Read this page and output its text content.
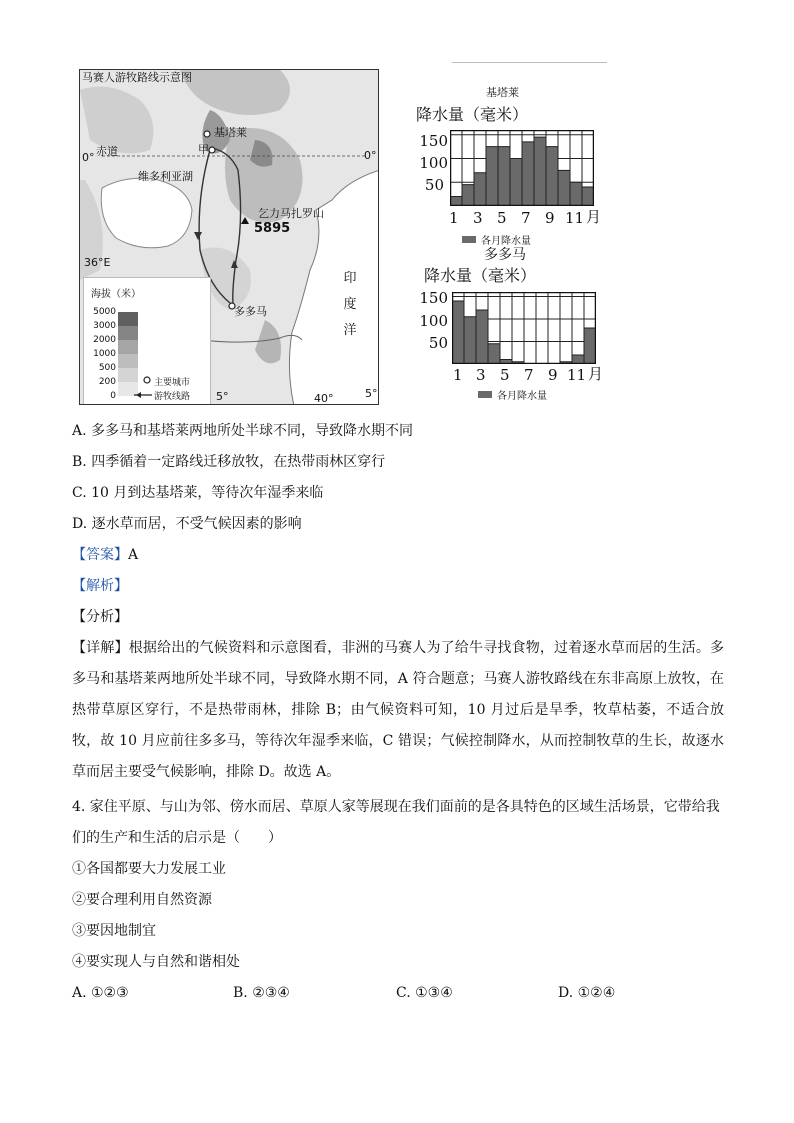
马赛人游牧路线示意图
基塔莱
甲
赤道
0°	0°
维多利亚湖
乞力马扎罗山
5895
36°E
多多马
印度洋
5°	40°	5°
海拔（米）
5000
3000
2000
1000
500
200
0
主要城市
游牧线路
基塔莱
降水量（毫米）
150
100
50
1 3 5 7 9 11 月
各月降水量
多多马
降水量（毫米）
150
100
50
1 3 5 7 9 11 月
各月降水量
A. 多多马和基塔莱两地所处半球不同，导致降水期不同
B. 四季循着一定路线迁移放牧，在热带雨林区穿行
C. 10 月到达基塔莱，等待次年湿季来临
D. 逐水草而居，不受气候因素的影响
【答案】A
【解析】
【分析】
【详解】根据给出的气候资料和示意图看，非洲的马赛人为了给牛寻找食物，过着逐水草而居的生活。多多马和基塔莱两地所处半球不同，导致降水期不同，A 符合题意；马赛人游牧路线在东非高原上放牧，在热带草原区穿行，不是热带雨林，排除 B；由气候资料可知，10 月过后是旱季，牧草枯萎，不适合放牧，故 10 月应前往多多马，等待次年湿季来临，C 错误；气候控制降水，从而控制牧草的生长，故逐水草而居主要受气候影响，排除 D。故选 A。
4. 家住平原、与山为邻、傍水而居、草原人家等展现在我们面前的是各具特色的区域生活场景，它带给我
们的生产和生活的启示是（　　）
①各国都要大力发展工业
②要合理利用自然资源
③要因地制宜
④要实现人与自然和谐相处
A. ①②③	B. ②③④	C. ①③④	D. ①②④
